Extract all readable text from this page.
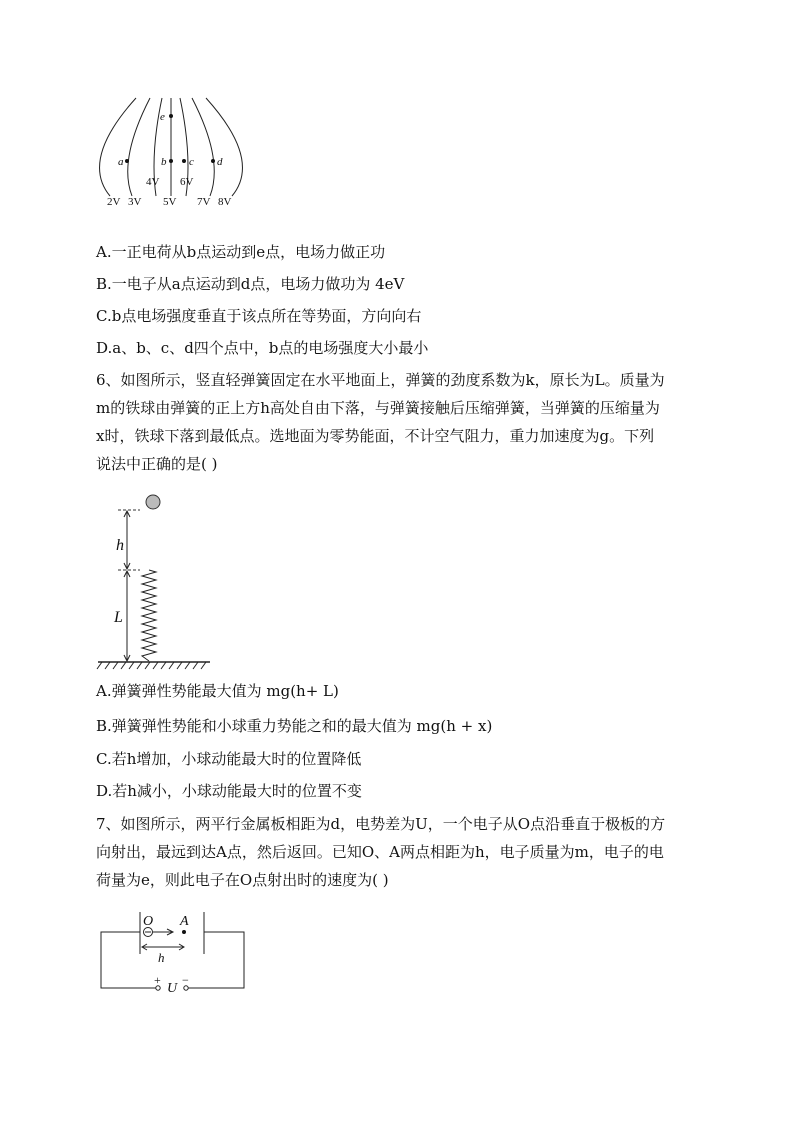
e
a	b c d
4V 6V
2V 3V 5V 7V 8V
A.一正电荷从b点运动到e点，电场力做正功
B.一电子从a点运动到d点，电场力做功为 4eV
C.b点电场强度垂直于该点所在等势面，方向向右
D.a、b、c、d四个点中，b点的电场强度大小最小
6、如图所示，竖直轻弹簧固定在水平地面上，弹簧的劲度系数为k，原长为L。质量为
m的铁球由弹簧的正上方h高处自由下落，与弹簧接触后压缩弹簧，当弹簧的压缩量为
x时，铁球下落到最低点。选地面为零势能面，不计空气阻力，重力加速度为g。下列
说法中正确的是( )
h
L
A.弹簧弹性势能最大值为 mg(h+ L)
B.弹簧弹性势能和小球重力势能之和的最大值为 mg(h + x)
C.若h增加，小球动能最大时的位置降低
D.若h减小，小球动能最大时的位置不变
7、如图所示，两平行金属板相距为d，电势差为U，一个电子从O点沿垂直于极板的方
向射出，最远到达A点，然后返回。已知O、A两点相距为h，电子质量为m，电子的电
荷量为e，则此电子在O点射出时的速度为( )
O A
h
+ −
U
